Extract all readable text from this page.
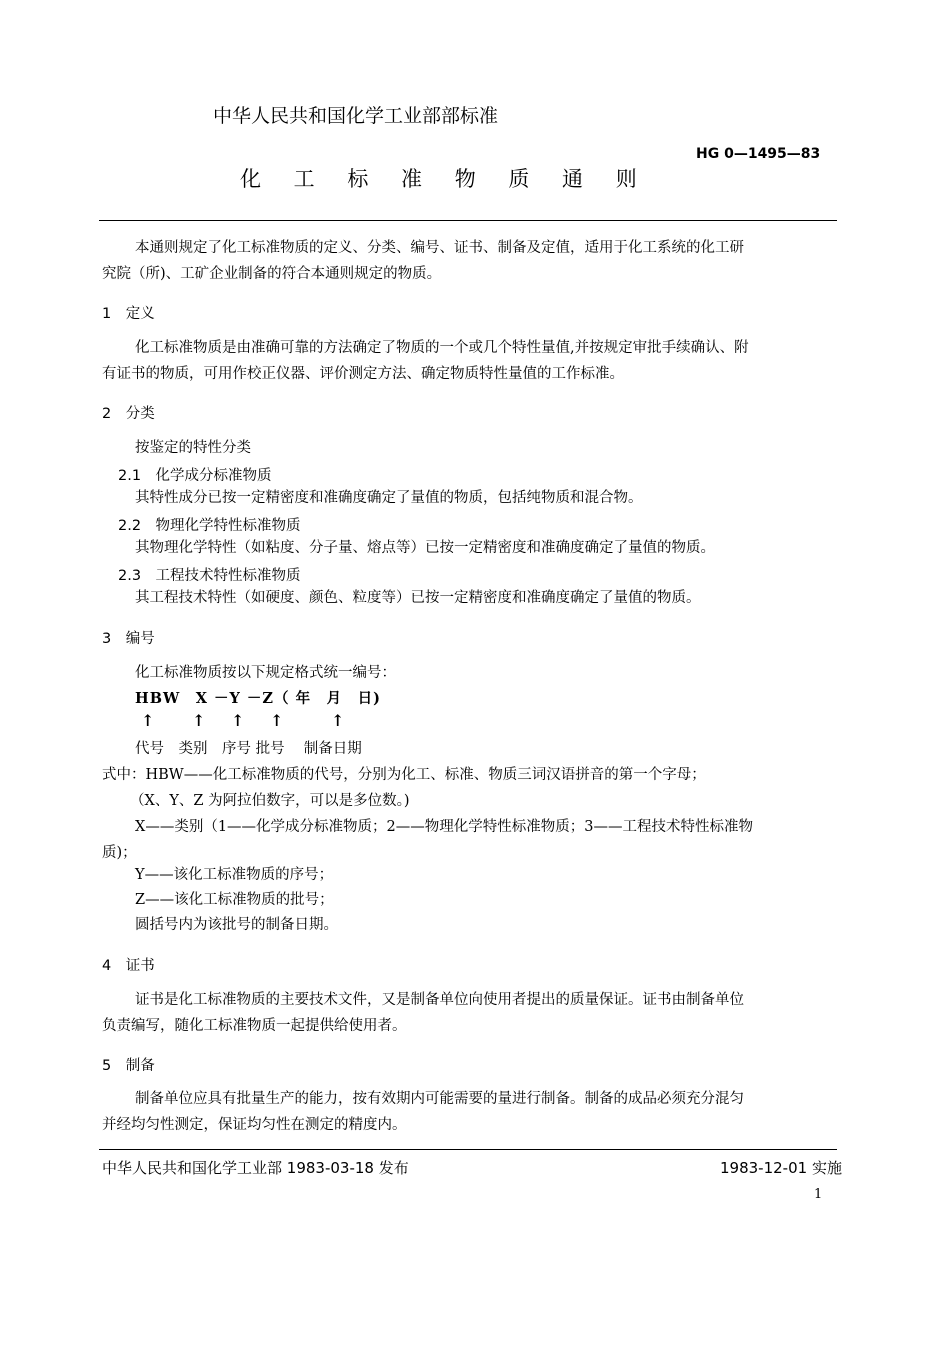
中华人民共和国化学工业部部标准
HG 0—1495—83
化 工 标 准 物 质 通 则
本通则规定了化工标准物质的定义、分类、编号、证书、制备及定值，适用于化工系统的化工研
究院（所)、工矿企业制备的符合本通则规定的物质。
1　定义
化工标准物质是由准确可靠的方法确定了物质的一个或几个特性量值,并按规定审批手续确认、附
有证书的物质，可用作校正仪器、评价测定方法、确定物质特性量值的工作标准。
2　分类
按鉴定的特性分类
2.1　化学成分标准物质
其特性成分已按一定精密度和准确度确定了量值的物质，包括纯物质和混合物。
2.2　物理化学特性标准物质
其物理化学特性（如粘度、分子量、熔点等）已按一定精密度和准确度确定了量值的物质。
2.3　工程技术特性标准物质
其工程技术特性（如硬度、颜色、粒度等）已按一定精密度和准确度确定了量值的物质。
3　编号
化工标准物质按以下规定格式统一编号：
HBW　X －Y －Z（ 年　月　日)
↑ ↑ ↑ ↑	↑
代号　类别　序号 批号　 制备日期
式中：HBW——化工标准物质的代号，分别为化工、标准、物质三词汉语拼音的第一个字母；
（X、Y、Z 为阿拉伯数字，可以是多位数。)
X——类别（1——化学成分标准物质；2——物理化学特性标准物质；3——工程技术特性标准物
质)；
Y——该化工标准物质的序号；
Z——该化工标准物质的批号；
圆括号内为该批号的制备日期。
4　证书
证书是化工标准物质的主要技术文件，又是制备单位向使用者提出的质量保证。证书由制备单位
负责编写，随化工标准物质一起提供给使用者。
5　制备
制备单位应具有批量生产的能力，按有效期内可能需要的量进行制备。制备的成品必须充分混匀
并经均匀性测定，保证均匀性在测定的精度内。
中华人民共和国化学工业部 1983-03-18 发布	1983-12-01 实施
1
